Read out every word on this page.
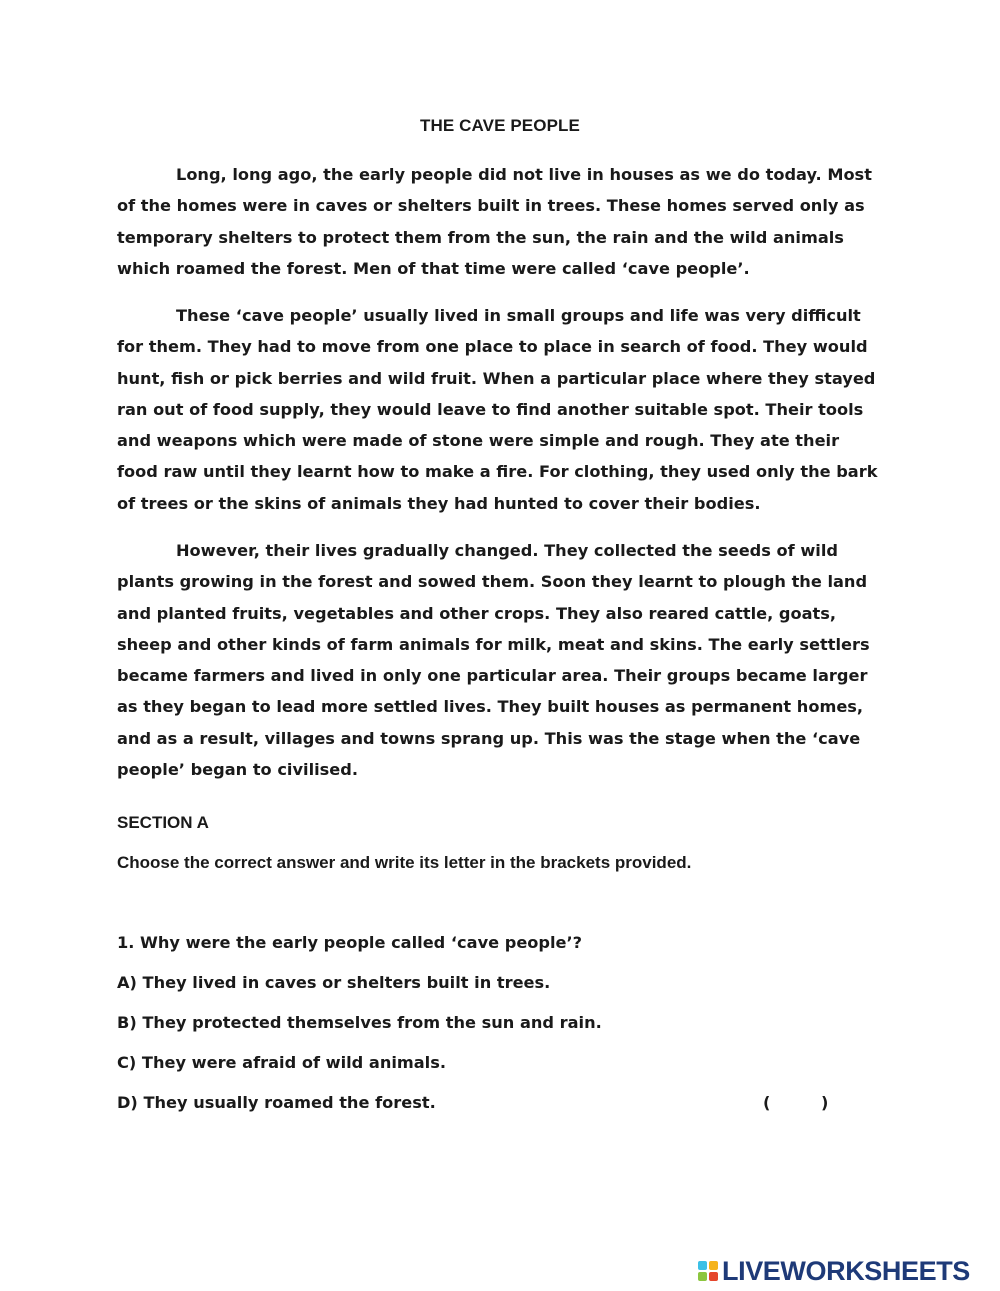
THE CAVE PEOPLE
Long, long ago, the early people did not live in houses as we do today. Most of the homes were in caves or shelters built in trees. These homes served only as temporary shelters to protect them from the sun, the rain and the wild animals which roamed the forest. Men of that time were called ‘cave people’.
These ‘cave people’ usually lived in small groups and life was very difficult for them. They had to move from one place to place in search of food. They would hunt, fish or pick berries and wild fruit. When a particular place where they stayed ran out of food supply, they would leave to find another suitable spot. Their tools and weapons which were made of stone were simple and rough. They ate their food raw until they learnt how to make a fire. For clothing, they used only the bark of trees or the skins of animals they had hunted to cover their bodies.
However, their lives gradually changed. They collected the seeds of wild plants growing in the forest and sowed them. Soon they learnt to plough the land and planted fruits, vegetables and other crops. They also reared cattle, goats, sheep and other kinds of farm animals for milk, meat and skins. The early settlers became farmers and lived in only one particular area. Their groups became larger as they began to lead more settled lives. They built houses as permanent homes, and as a result, villages and towns sprang up. This was the stage when the ‘cave people’ began to civilised.
SECTION A
Choose the correct answer and write its letter in the brackets provided.
1. Why were the early people called ‘cave people’?
A) They lived in caves or shelters built in trees.
B) They protected themselves from the sun and rain.
C) They were afraid of wild animals.
D) They usually roamed the forest.	(	)
LIVEWORKSHEETS
